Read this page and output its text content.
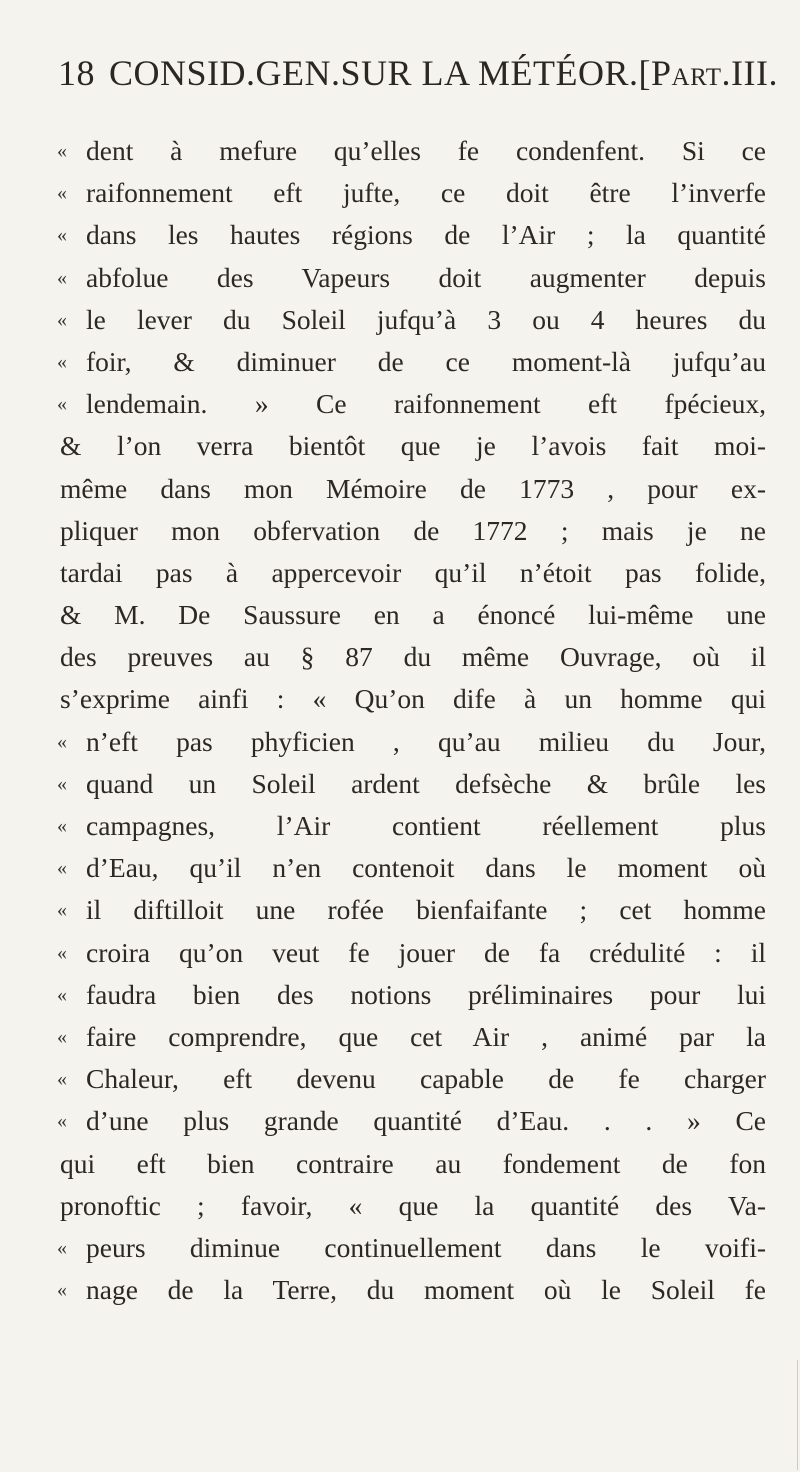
18 CONSID.GEN.SUR LA MÉTÉOR.[Part.III.
« dent à mefure qu’elles fe condenfent. Si ce
« raifonnement eft jufte, ce doit être l’inverfe
« dans les hautes régions de l’Air ; la quantité
« abfolue des Vapeurs doit augmenter depuis
« le lever du Soleil jufqu’à 3 ou 4 heures du
« foir, & diminuer de ce moment-là jufqu’au
« lendemain. » Ce raifonnement eft fpécieux,
& l’on verra bientôt que je l’avois fait moi-
même dans mon Mémoire de 1773 , pour ex-
pliquer mon obfervation de 1772 ; mais je ne
tardai pas à appercevoir qu’il n’étoit pas folide,
& M. De Saussure en a énoncé lui-même une
des preuves au § 87 du même Ouvrage, où il
s’exprime ainfi : « Qu’on dife à un homme qui
« n’eft pas phyficien , qu’au milieu du Jour,
« quand un Soleil ardent defsèche & brûle les
« campagnes, l’Air contient réellement plus
« d’Eau, qu’il n’en contenoit dans le moment où
« il diftilloit une rofée bienfaifante ; cet homme
« croira qu’on veut fe jouer de fa crédulité : il
« faudra bien des notions préliminaires pour lui
« faire comprendre, que cet Air , animé par la
« Chaleur, eft devenu capable de fe charger
« d’une plus grande quantité d’Eau. . . » Ce
qui eft bien contraire au fondement de fon
pronoftic ; favoir, « que la quantité des Va-
« peurs diminue continuellement dans le voifi-
« nage de la Terre, du moment où le Soleil fe
